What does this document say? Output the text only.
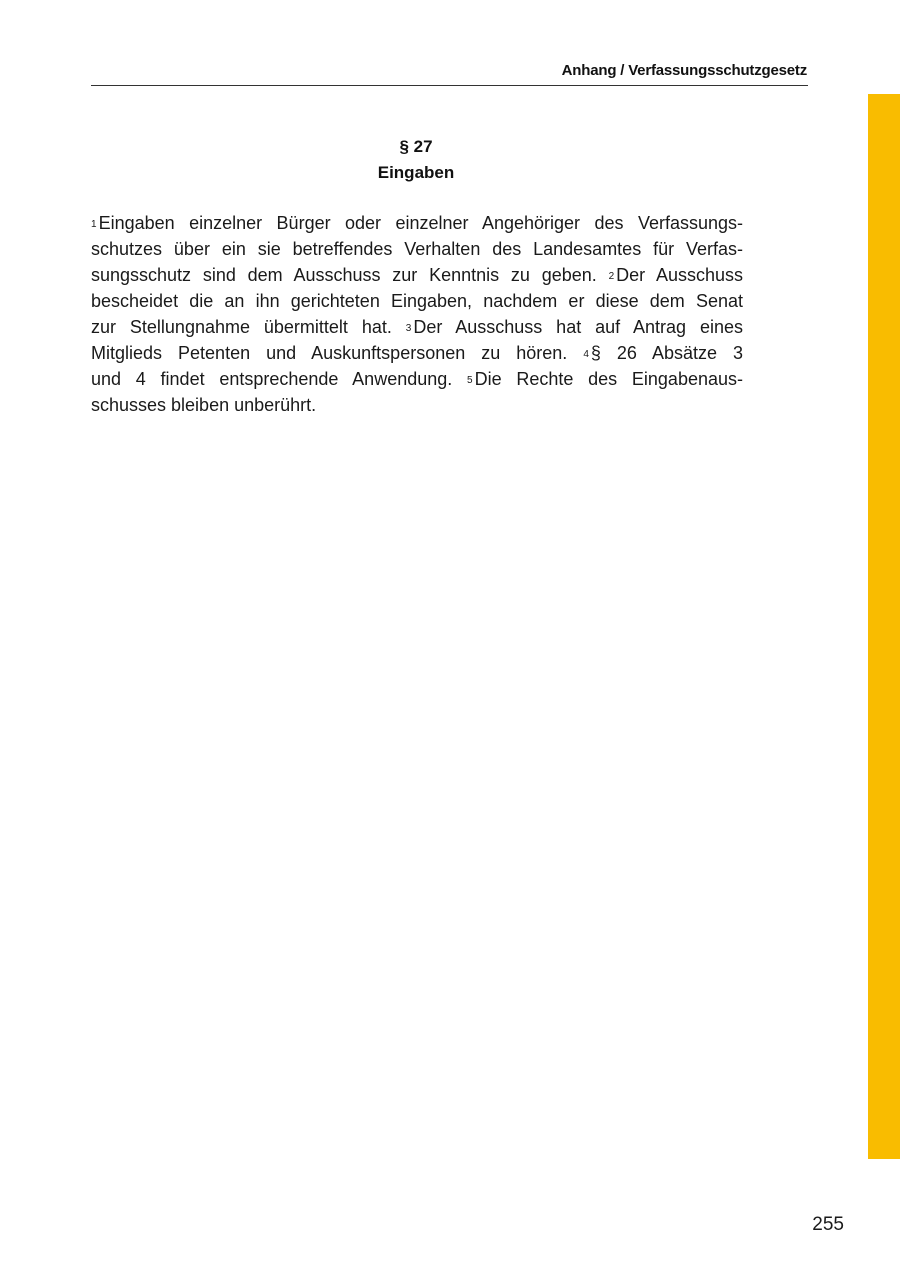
Anhang / Verfassungsschutzgesetz
§ 27
Eingaben
$^1$ Eingaben einzelner Bürger oder einzelner Angehöriger des Verfassungs-
schutzes über ein sie betreffendes Verhalten des Landesamtes für Verfas-
sungsschutz sind dem Ausschuss zur Kenntnis zu geben. $^2$ Der Ausschuss
bescheidet die an ihn gerichteten Eingaben, nachdem er diese dem Senat
zur Stellungnahme übermittelt hat. $^3$ Der Ausschuss hat auf Antrag eines
Mitglieds Petenten und Auskunftspersonen zu hören. $^4$ § 26 Absätze 3
und 4 findet entsprechende Anwendung. $^5$ Die Rechte des Eingabenaus-
schusses bleiben unberührt.
255
